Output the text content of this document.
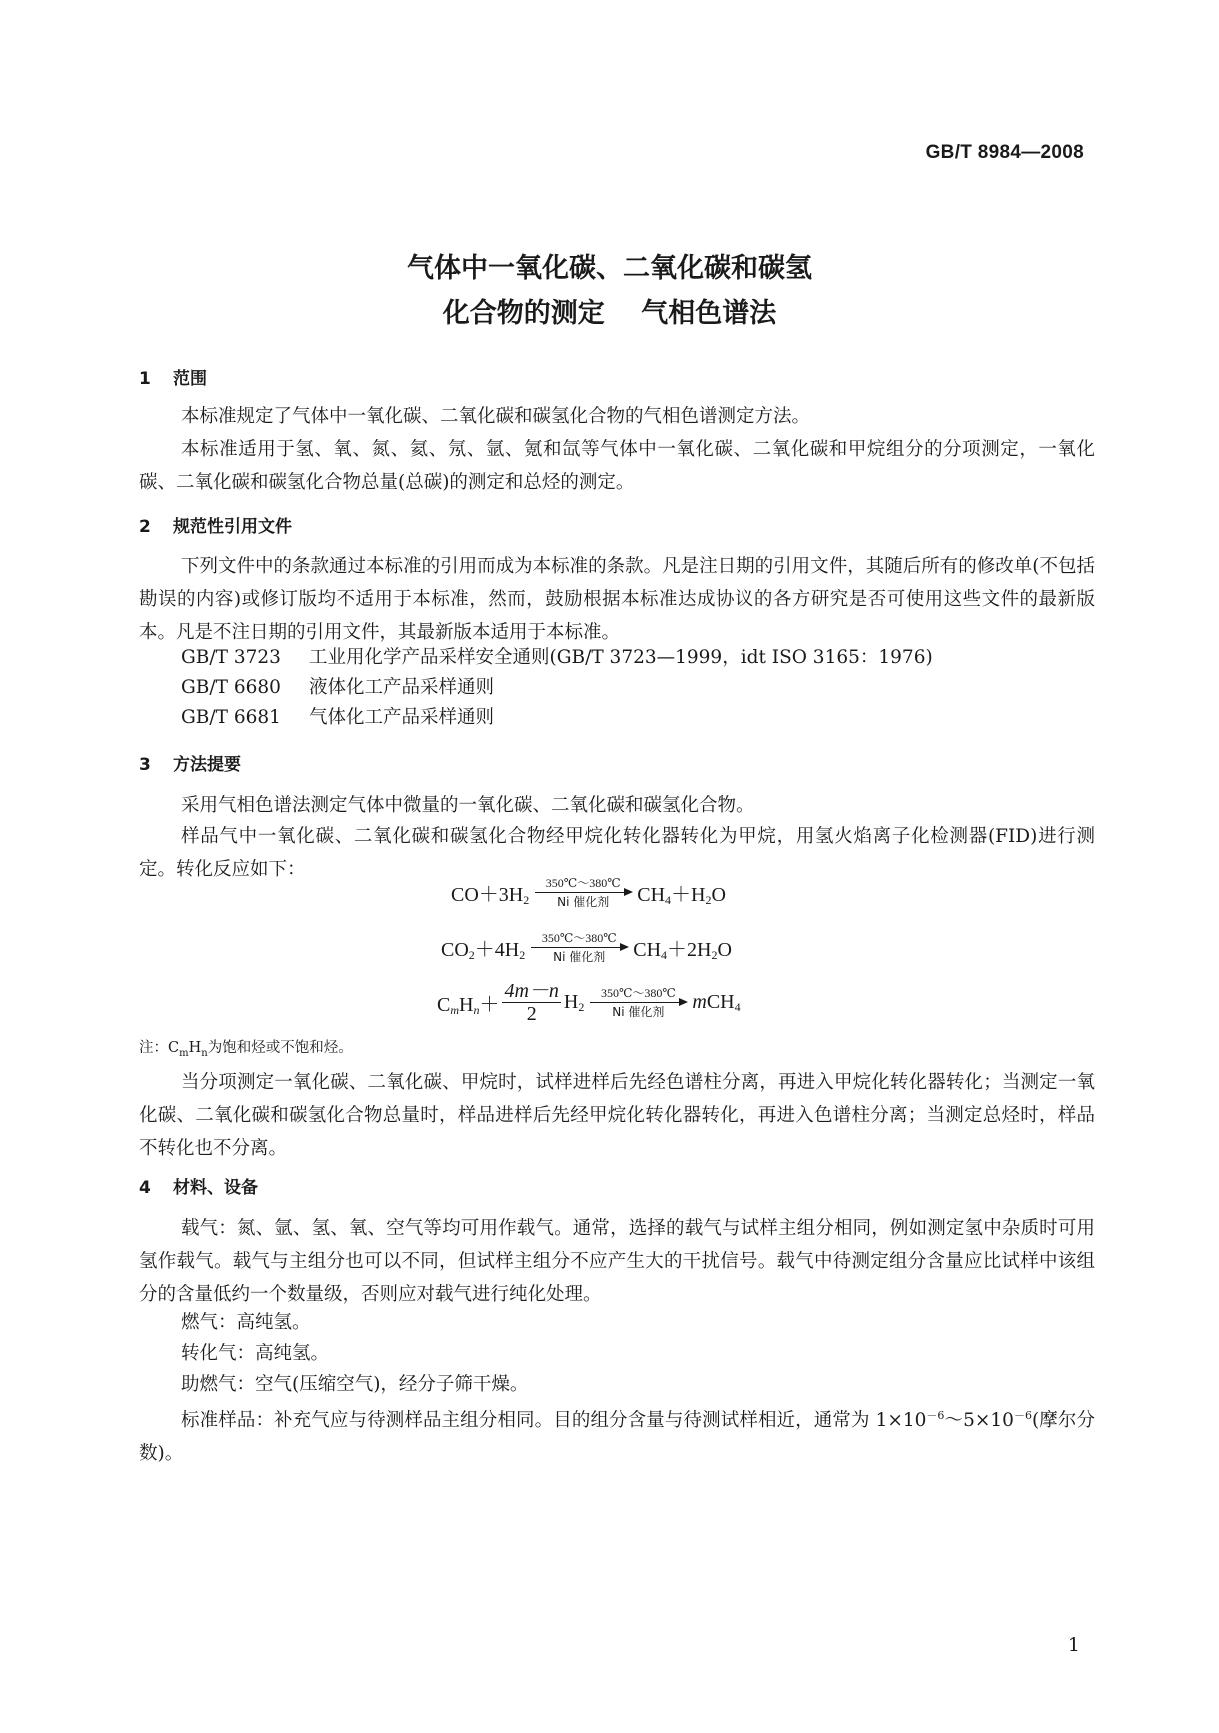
GB/T 8984—2008
气体中一氧化碳、二氧化碳和碳氢
化合物的测定　 气相色谱法
1 范围

本标准规定了气体中一氧化碳、二氧化碳和碳氢化合物的气相色谱测定方法。

本标准适用于氢、氧、氮、氦、氖、氩、氪和氙等气体中一氧化碳、二氧化碳和甲烷组分的分项测定，一氧化碳、二氧化碳和碳氢化合物总量(总碳)的测定和总烃的测定。

2 规范性引用文件

下列文件中的条款通过本标准的引用而成为本标准的条款。凡是注日期的引用文件，其随后所有的修改单(不包括勘误的内容)或修订版均不适用于本标准，然而，鼓励根据本标准达成协议的各方研究是否可使用这些文件的最新版本。凡是不注日期的引用文件，其最新版本适用于本标准。

GB/T 3723 工业用化学产品采样安全通则(GB/T 3723—1999，idt ISO 3165：1976)
GB/T 6680 液体化工产品采样通则
GB/T 6681 气体化工产品采样通则
3 方法提要

采用气相色谱法测定气体中微量的一氧化碳、二氧化碳和碳氢化合物。

样品气中一氧化碳、二氧化碳和碳氢化合物经甲烷化转化器转化为甲烷，用氢火焰离子化检测器(FID)进行测定。转化反应如下：

$CO+3H_2$
350℃～380℃
Ni 催化剂 $CH_4+H_2O$
$CO_2+4H_2$
350℃～380℃
Ni 催化剂 $CH_4+2H_2O$
$C_mH_n+ \frac{4m-n}{2} H_2$
350℃～380℃
Ni 催化剂 mCH$_4$
注：$C_mH_n$为饱和烃或不饱和烃。

当分项测定一氧化碳、二氧化碳、甲烷时，试样进样后先经色谱柱分离，再进入甲烷化转化器转化；当测定一氧化碳、二氧化碳和碳氢化合物总量时，样品进样后先经甲烷化转化器转化，再进入色谱柱分离；当测定总烃时，样品不转化也不分离。

4 材料、设备

载气：氮、氩、氢、氧、空气等均可用作载气。通常，选择的载气与试样主组分相同，例如测定氢中杂质时可用氢作载气。载气与主组分也可以不同，但试样主组分不应产生大的干扰信号。载气中待测定组分含量应比试样中该组分的含量低约一个数量级，否则应对载气进行纯化处理。

燃气：高纯氢。

转化气：高纯氢。

助燃气：空气(压缩空气)，经分子筛干燥。

标准样品：补充气应与待测样品主组分相同。目的组分含量与待测试样相近，通常为 $1\times 10^{-6}\sim 5\times 10^{-6}$(摩尔分数)。

1
